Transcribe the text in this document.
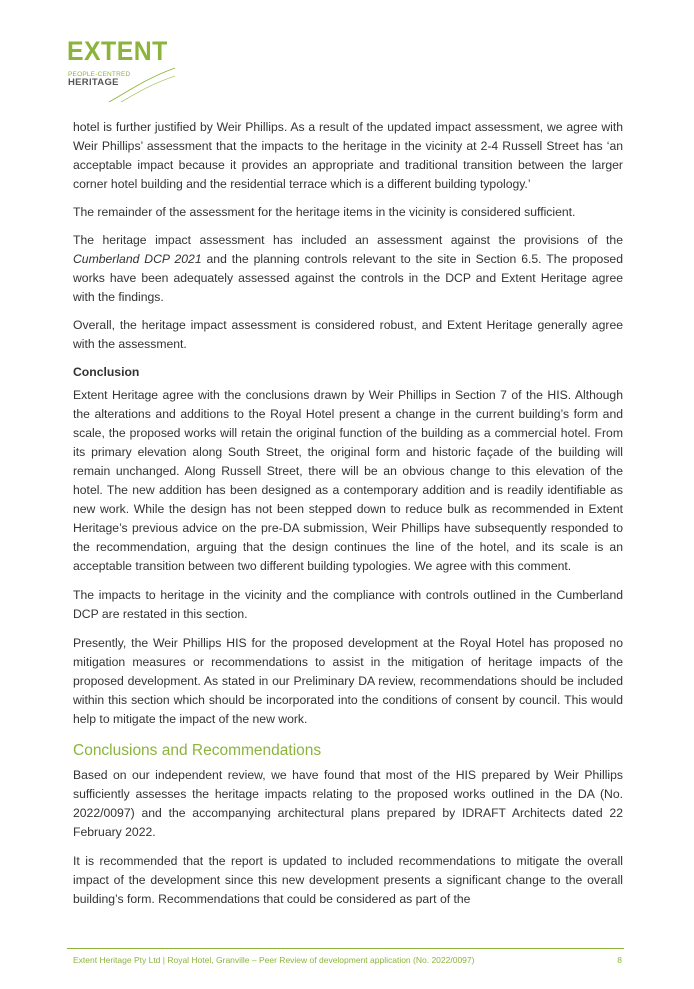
EXTENT
PEOPLE-CENTRED
HERITAGE

hotel is further justified by Weir Phillips. As a result of the updated impact assessment, we agree with Weir Phillips’ assessment that the impacts to the heritage in the vicinity at 2-4 Russell Street has ‘an acceptable impact because it provides an appropriate and traditional transition between the larger corner hotel building and the residential terrace which is a different building typology.’

The remainder of the assessment for the heritage items in the vicinity is considered sufficient.

The heritage impact assessment has included an assessment against the provisions of the Cumberland DCP 2021 and the planning controls relevant to the site in Section 6.5. The proposed works have been adequately assessed against the controls in the DCP and Extent Heritage agree with the findings.

Overall, the heritage impact assessment is considered robust, and Extent Heritage generally agree with the assessment.

Conclusion

Extent Heritage agree with the conclusions drawn by Weir Phillips in Section 7 of the HIS. Although the alterations and additions to the Royal Hotel present a change in the current building’s form and scale, the proposed works will retain the original function of the building as a commercial hotel. From its primary elevation along South Street, the original form and historic façade of the building will remain unchanged. Along Russell Street, there will be an obvious change to this elevation of the hotel. The new addition has been designed as a contemporary addition and is readily identifiable as new work. While the design has not been stepped down to reduce bulk as recommended in Extent Heritage’s previous advice on the pre-DA submission, Weir Phillips have subsequently responded to the recommendation, arguing that the design continues the line of the hotel, and its scale is an acceptable transition between two different building typologies. We agree with this comment.

The impacts to heritage in the vicinity and the compliance with controls outlined in the Cumberland DCP are restated in this section.

Presently, the Weir Phillips HIS for the proposed development at the Royal Hotel has proposed no mitigation measures or recommendations to assist in the mitigation of heritage impacts of the proposed development. As stated in our Preliminary DA review, recommendations should be included within this section which should be incorporated into the conditions of consent by council. This would help to mitigate the impact of the new work.

Conclusions and Recommendations

Based on our independent review, we have found that most of the HIS prepared by Weir Phillips sufficiently assesses the heritage impacts relating to the proposed works outlined in the DA (No. 2022/0097) and the accompanying architectural plans prepared by IDRAFT Architects dated 22 February 2022.

It is recommended that the report is updated to included recommendations to mitigate the overall impact of the development since this new development presents a significant change to the overall building’s form. Recommendations that could be considered as part of the

Extent Heritage Pty Ltd | Royal Hotel, Granville – Peer Review of development application (No. 2022/0097)	8
